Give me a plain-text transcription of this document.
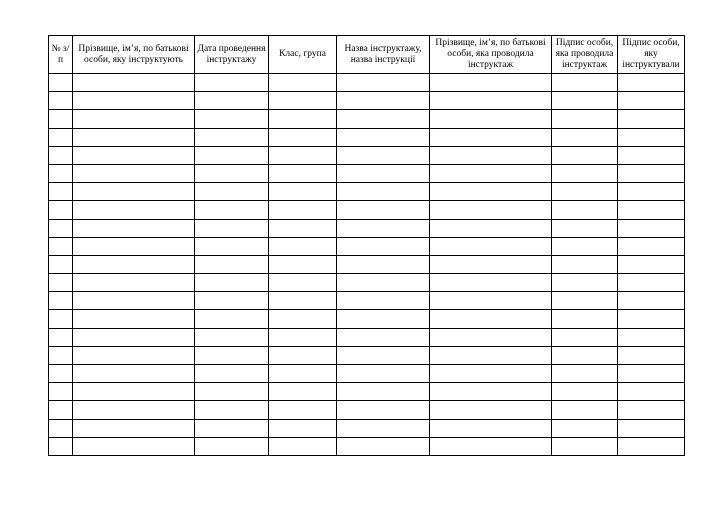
№ з/п	Прізвище, ім’я, по батькові особи, яку інструктують	Дата проведення інструктажу	Клас, група	Назва інструктажу, назва інструкції	Прізвище, ім’я, по батькові особи, яка проводила інструктаж	Підпис особи, яка проводила інструктаж	Підпис особи, яку інструктували
